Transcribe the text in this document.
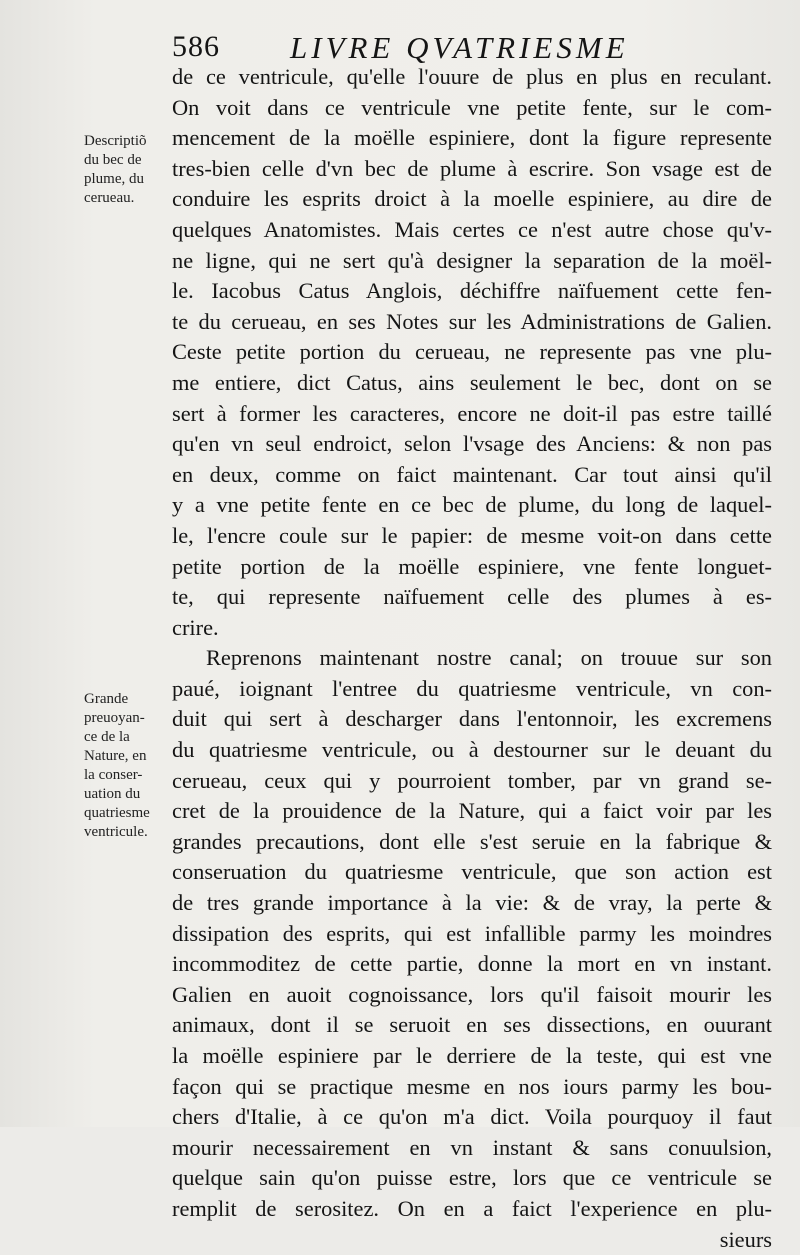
586 LIVRE QVATRIESME
Descriptiõ
du bec de
plume, du
cerueau.
Grande
preuoyan-
ce de la
Nature, en
la conser-
uation du
quatriesme
ventricule.
de ce ventricule, qu'elle l'ouure de plus en plus en reculant.
On voit dans ce ventricule vne petite fente, sur le com-
mencement de la moëlle espiniere, dont la figure represente
tres-bien celle d'vn bec de plume à escrire. Son vsage est de
conduire les esprits droict à la moelle espiniere, au dire de
quelques Anatomistes. Mais certes ce n'est autre chose qu'v-
ne ligne, qui ne sert qu'à designer la separation de la moël-
le. Iacobus Catus Anglois, déchiffre naïfuement cette fen-
te du cerueau, en ses Notes sur les Administrations de Galien.
Ceste petite portion du cerueau, ne represente pas vne plu-
me entiere, dict Catus, ains seulement le bec, dont on se
sert à former les caracteres, encore ne doit-il pas estre taillé
qu'en vn seul endroict, selon l'vsage des Anciens: & non pas
en deux, comme on faict maintenant. Car tout ainsi qu'il
y a vne petite fente en ce bec de plume, du long de laquel-
le, l'encre coule sur le papier: de mesme voit-on dans cette
petite portion de la moëlle espiniere, vne fente longuet-
te, qui represente naïfuement celle des plumes à es-
crire.
Reprenons maintenant nostre canal; on trouue sur son
paué, ioignant l'entree du quatriesme ventricule, vn con-
duit qui sert à descharger dans l'entonnoir, les excremens
du quatriesme ventricule, ou à destourner sur le deuant du
cerueau, ceux qui y pourroient tomber, par vn grand se-
cret de la prouidence de la Nature, qui a faict voir par les
grandes precautions, dont elle s'est seruie en la fabrique &
conseruation du quatriesme ventricule, que son action est
de tres grande importance à la vie: & de vray, la perte &
dissipation des esprits, qui est infallible parmy les moindres
incommoditez de cette partie, donne la mort en vn instant.
Galien en auoit cognoissance, lors qu'il faisoit mourir les
animaux, dont il se seruoit en ses dissections, en ouurant
la moëlle espiniere par le derriere de la teste, qui est vne
façon qui se practique mesme en nos iours parmy les bou-
chers d'Italie, à ce qu'on m'a dict. Voila pourquoy il faut
mourir necessairement en vn instant & sans conuulsion,
quelque sain qu'on puisse estre, lors que ce ventricule se
remplit de serositez. On en a faict l'experience en plu-
sieurs
